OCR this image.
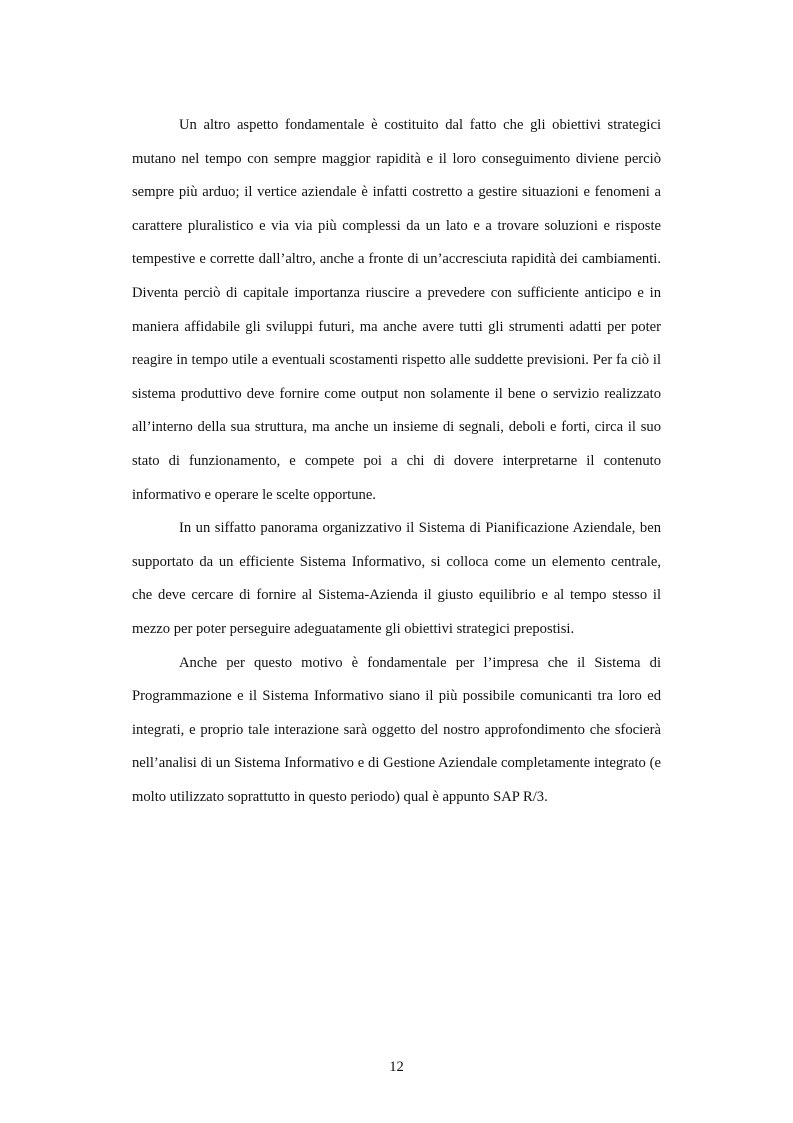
Un altro aspetto fondamentale è costituito dal fatto che gli obiettivi strategici mutano nel tempo con sempre maggior rapidità e il loro conseguimento diviene perciò sempre più arduo; il vertice aziendale è infatti costretto a gestire situazioni e fenomeni a carattere pluralistico e via via più complessi da un lato e a trovare soluzioni e risposte tempestive e corrette dall’altro, anche a fronte di un’accresciuta rapidità dei cambiamenti. Diventa perciò di capitale importanza riuscire a prevedere con sufficiente anticipo e in maniera affidabile gli sviluppi futuri, ma anche avere tutti gli strumenti adatti per poter reagire in tempo utile a eventuali scostamenti rispetto alle suddette previsioni. Per fa ciò il sistema produttivo deve fornire come output non solamente il bene o servizio realizzato all’interno della sua struttura, ma anche un insieme di segnali, deboli e forti, circa il suo stato di funzionamento, e compete poi a chi di dovere interpretarne il contenuto informativo e operare le scelte opportune.

In un siffatto panorama organizzativo il Sistema di Pianificazione Aziendale, ben supportato da un efficiente Sistema Informativo, si colloca come un elemento centrale, che deve cercare di fornire al Sistema-Azienda il giusto equilibrio e al tempo stesso il mezzo per poter perseguire adeguatamente gli obiettivi strategici prepostisi.

Anche per questo motivo è fondamentale per l’impresa che il Sistema di Programmazione e il Sistema Informativo siano il più possibile comunicanti tra loro ed integrati, e proprio tale interazione sarà oggetto del nostro approfondimento che sfocierà nell’analisi di un Sistema Informativo e di Gestione Aziendale completamente integrato (e molto utilizzato soprattutto in questo periodo) qual è appunto SAP R/3.

12
